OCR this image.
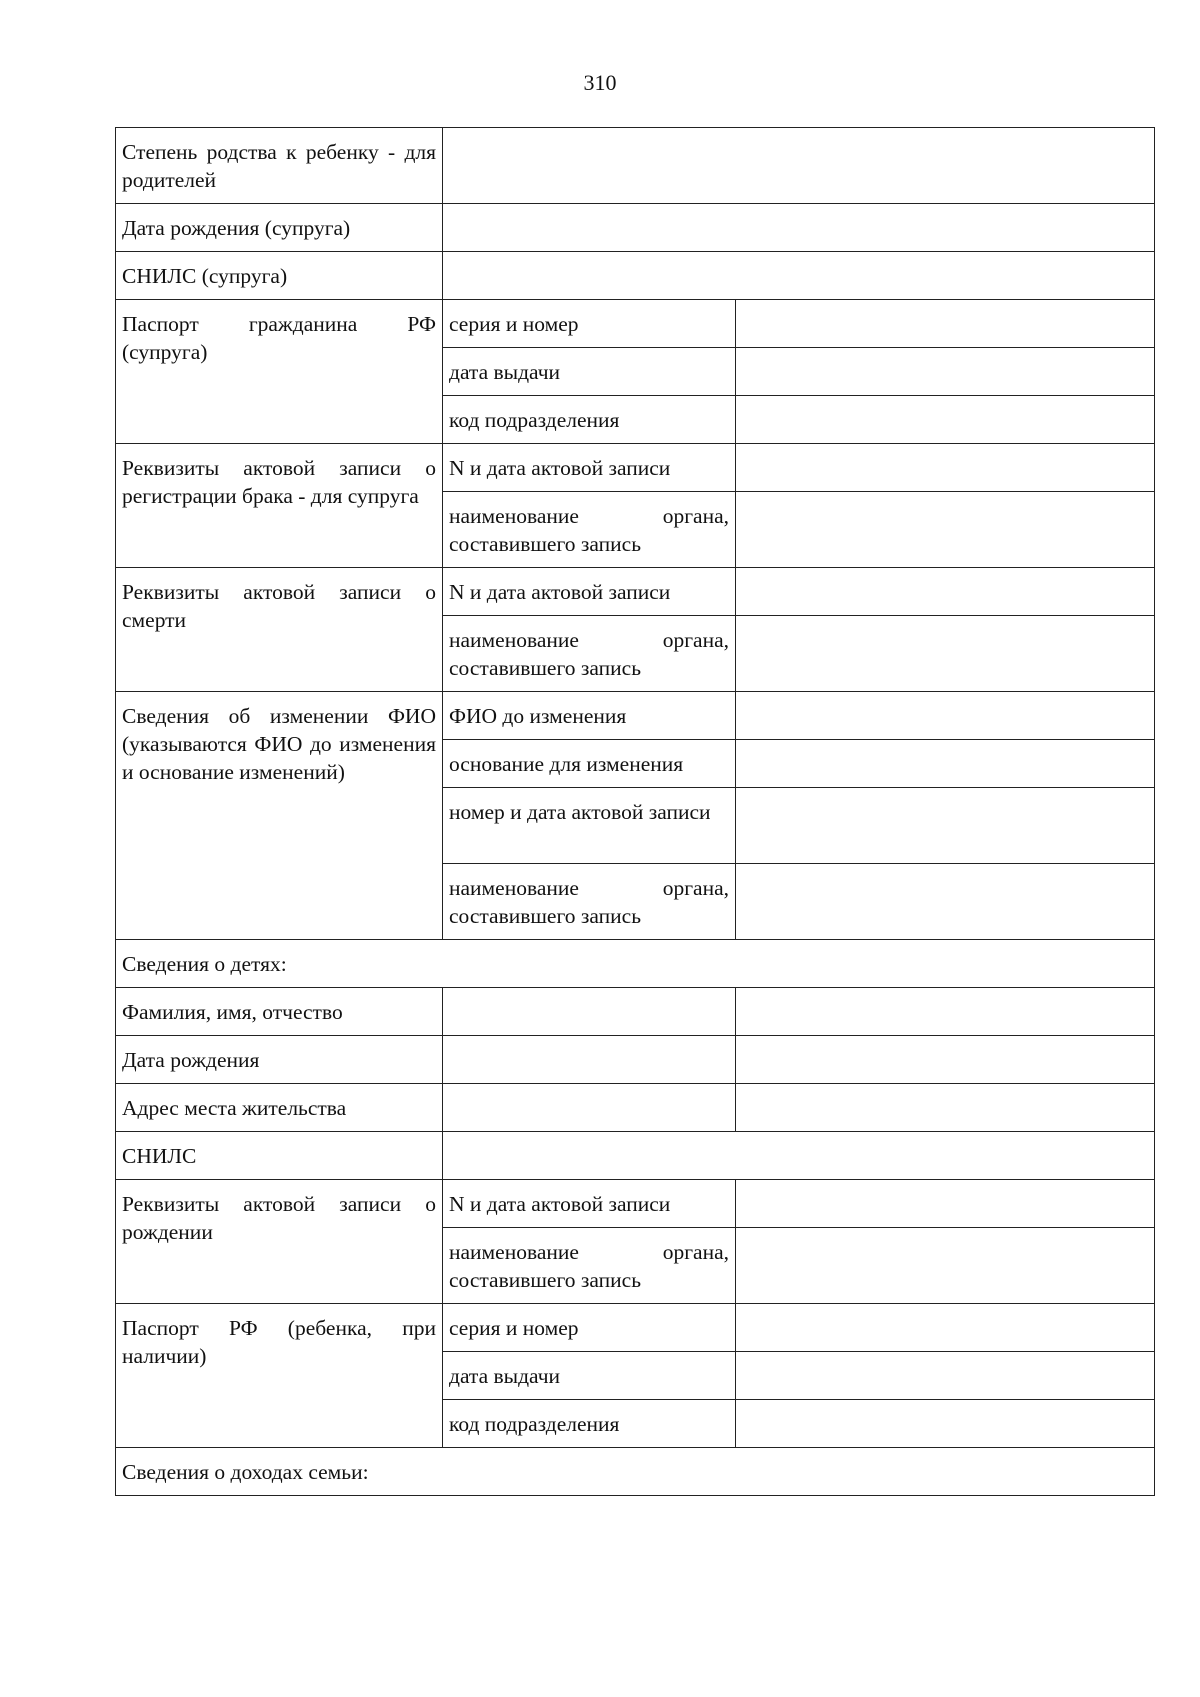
310
Степень родства к ребенку - для родителей		
Дата рождения (супруга)		
СНИЛС (супруга)		
Паспорт гражданина РФ (супруга)	серия и номер	
	дата выдачи	
	код подразделения	
Реквизиты актовой записи о регистрации брака - для супруга	N и дата актовой записи	
	наименование органа, составившего запись	
Реквизиты актовой записи о смерти	N и дата актовой записи	
	наименование органа, составившего запись	
Сведения об изменении ФИО (указываются ФИО до изменения и основание изменений)	ФИО до изменения	
	основание для изменения	
	номер и дата актовой записи	
	наименование органа, составившего запись	
Сведения о детях:		
Фамилия, имя, отчество		
Дата рождения		
Адрес места жительства		
СНИЛС		
Реквизиты актовой записи о рождении	N и дата актовой записи	
	наименование органа, составившего запись	
Паспорт РФ (ребенка, при наличии)	серия и номер	
	дата выдачи	
	код подразделения	
Сведения о доходах семьи:		
